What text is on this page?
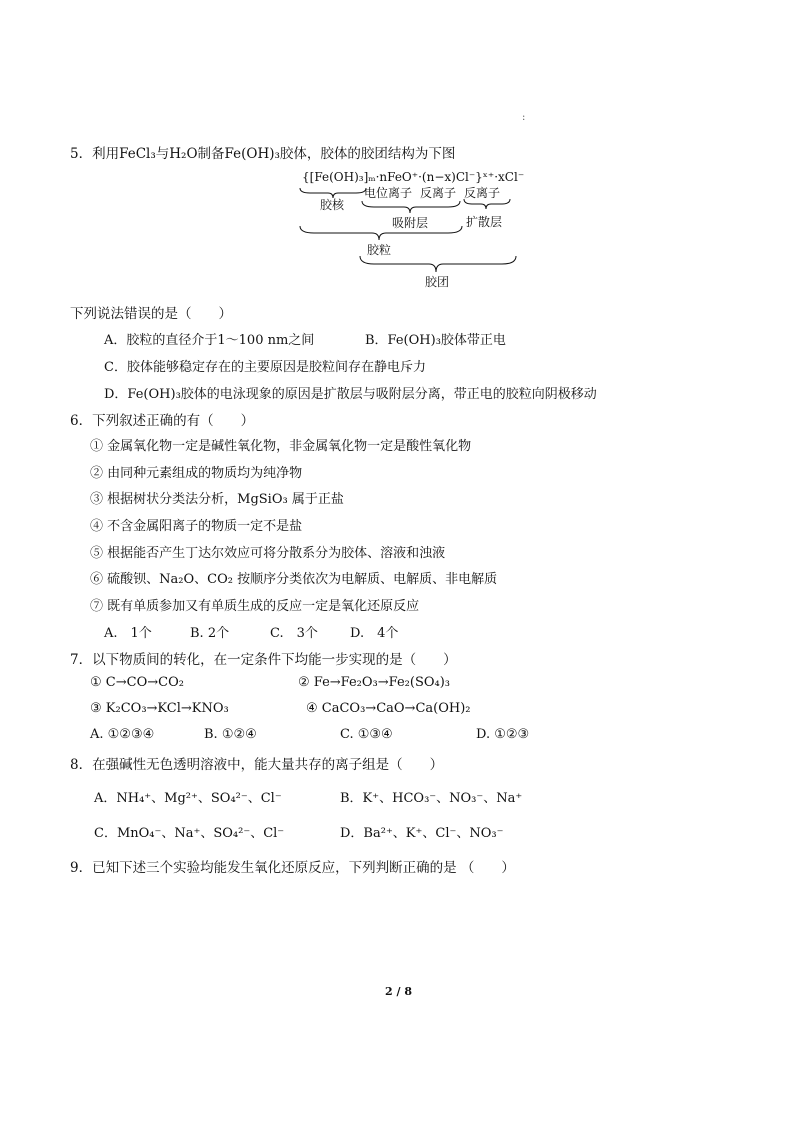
:
5．利用FeCl₃与H₂O制备Fe(OH)₃胶体，胶体的胶团结构为下图
{[Fe(OH)₃]ₘ·nFeO⁺·(n−x)Cl⁻}ˣ⁺·xCl⁻
胶核
电位离子 反离子 反离子
吸附层	扩散层
胶粒
胶团
下列说法错误的是（　　）
A．胶粒的直径介于1～100 nm之间	B．Fe(OH)₃胶体带正电
C．胶体能够稳定存在的主要原因是胶粒间存在静电斥力
D．Fe(OH)₃胶体的电泳现象的原因是扩散层与吸附层分离，带正电的胶粒向阴极移动
6．下列叙述正确的有（　　）
① 金属氧化物一定是碱性氧化物，非金属氧化物一定是酸性氧化物
② 由同种元素组成的物质均为纯净物
③ 根据树状分类法分析，MgSiO₃ 属于正盐
④ 不含金属阳离子的物质一定不是盐
⑤ 根据能否产生丁达尔效应可将分散系分为胶体、溶液和浊液
⑥ 硫酸钡、Na₂O、CO₂ 按顺序分类依次为电解质、电解质、非电解质
⑦ 既有单质参加又有单质生成的反应一定是氧化还原反应
A.　1个	B. 2个	C.　3个 D.　4个
7．以下物质间的转化，在一定条件下均能一步实现的是（　　）
① C→CO→CO₂	② Fe→Fe₂O₃→Fe₂(SO₄)₃
③ K₂CO₃→KCl→KNO₃	④ CaCO₃→CaO→Ca(OH)₂
A. ①②③④	B. ①②④	C. ①③④	D. ①②③
8．在强碱性无色透明溶液中，能大量共存的离子组是（　　）
A．NH₄⁺、Mg²⁺、SO₄²⁻、Cl⁻	B．K⁺、HCO₃⁻、NO₃⁻、Na⁺
C．MnO₄⁻、Na⁺、SO₄²⁻、Cl⁻	D．Ba²⁺、K⁺、Cl⁻、NO₃⁻
9．已知下述三个实验均能发生氧化还原反应，下列判断正确的是 （　　）
2 / 8
